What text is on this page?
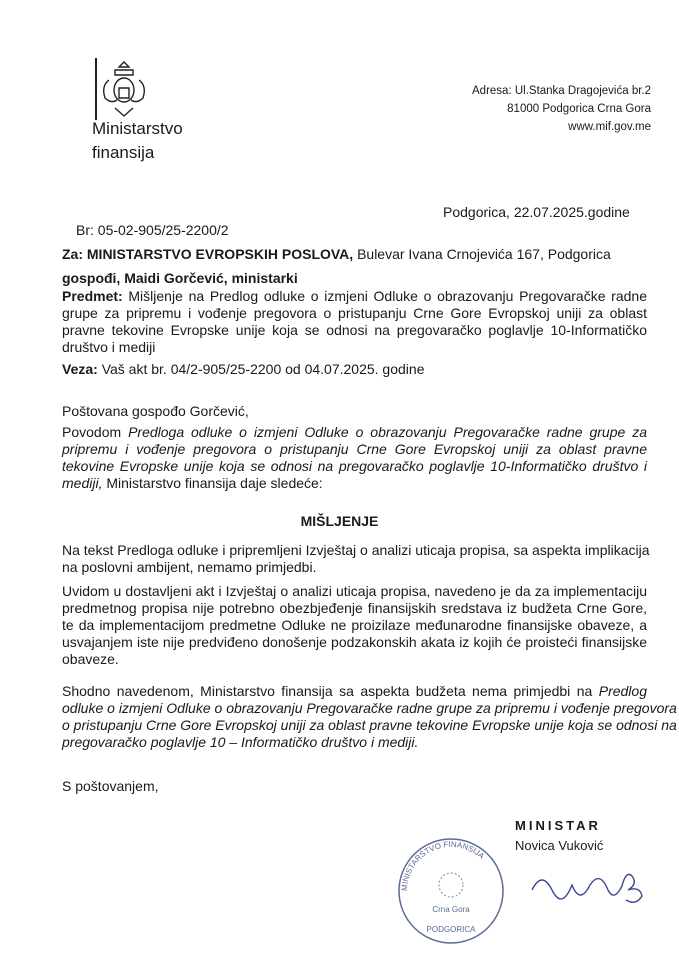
Ministarstvo
finansija
Adresa: Ul.Stanka Dragojevića br.2
81000 Podgorica Crna Gora
www.mif.gov.me
Br: 05-02-905/25-2200/2
Podgorica, 22.07.2025.godine
Za: MINISTARSTVO EVROPSKIH POSLOVA, Bulevar Ivana Crnojevića 167, Podgorica
gospođi, Maidi Gorčević, ministarki
Predmet: Mišljenje na Predlog odluke o izmjeni Odluke o obrazovanju Pregovaračke radne
grupe za pripremu i vođenje pregovora o pristupanju Crne Gore Evropskoj uniji za oblast
pravne tekovine Evropske unije koja se odnosi na pregovaračko poglavlje 10-Informatičko
društvo i mediji
Veza: Vaš akt br. 04/2-905/25-2200 od 04.07.2025. godine
Poštovana gospođo Gorčević,
Povodom Predloga odluke o izmjeni Odluke o obrazovanju Pregovaračke radne grupe za
pripremu i vođenje pregovora o pristupanju Crne Gore Evropskoj uniji za oblast pravne
tekovine Evropske unije koja se odnosi na pregovaračko poglavlje 10-Informatičko društvo i
mediji, Ministarstvo finansija daje sledeće:
MIŠLJENJE
Na tekst Predloga odluke i pripremljeni Izvještaj o analizi uticaja propisa, sa aspekta implikacija
na poslovni ambijent, nemamo primjedbi.
Uvidom u dostavljeni akt i Izvještaj o analizi uticaja propisa, navedeno je da za implementaciju
predmetnog propisa nije potrebno obezbjeđenje finansijskih sredstava iz budžeta Crne Gore,
te da implementacijom predmetne Odluke ne proizilaze međunarodne finansijske obaveze, a
usvajanjem iste nije predviđeno donošenje podzakonskih akata iz kojih će proisteći finansijske
obaveze.
Shodno navedenom, Ministarstvo finansija sa aspekta budžeta nema primjedbi na Predlog
odluke o izmjeni Odluke o obrazovanju Pregovaračke radne grupe za pripremu i vođenje pregovora
o pristupanju Crne Gore Evropskoj uniji za oblast pravne tekovine Evropske unije koja se odnosi na
pregovaračko poglavlje 10 – Informatičko društvo i mediji.
S poštovanjem,
MINISTAR
Novica Vuković
MINISTARSTVO FINANSIJA
Crna Gora
PODGORICA
